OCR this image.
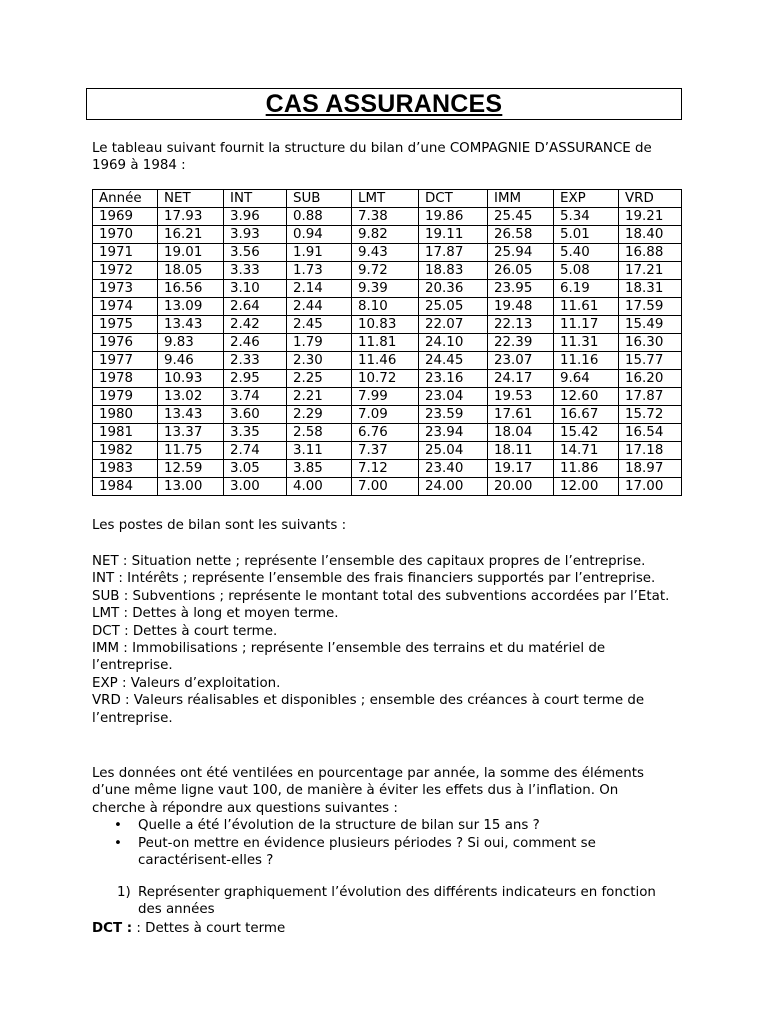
CAS ASSURANCES
Le tableau suivant fournit la structure du bilan d’une COMPAGNIE D’ASSURANCE de 1969 à 1984 :
Année	NET	INT	SUB	LMT	DCT	IMM	EXP	VRD
1969	17.93	3.96	0.88	7.38	19.86	25.45	5.34	19.21
1970	16.21	3.93	0.94	9.82	19.11	26.58	5.01	18.40
1971	19.01	3.56	1.91	9.43	17.87	25.94	5.40	16.88
1972	18.05	3.33	1.73	9.72	18.83	26.05	5.08	17.21
1973	16.56	3.10	2.14	9.39	20.36	23.95	6.19	18.31
1974	13.09	2.64	2.44	8.10	25.05	19.48	11.61	17.59
1975	13.43	2.42	2.45	10.83	22.07	22.13	11.17	15.49
1976	9.83	2.46	1.79	11.81	24.10	22.39	11.31	16.30
1977	9.46	2.33	2.30	11.46	24.45	23.07	11.16	15.77
1978	10.93	2.95	2.25	10.72	23.16	24.17	9.64	16.20
1979	13.02	3.74	2.21	7.99	23.04	19.53	12.60	17.87
1980	13.43	3.60	2.29	7.09	23.59	17.61	16.67	15.72
1981	13.37	3.35	2.58	6.76	23.94	18.04	15.42	16.54
1982	11.75	2.74	3.11	7.37	25.04	18.11	14.71	17.18
1983	12.59	3.05	3.85	7.12	23.40	19.17	11.86	18.97
1984	13.00	3.00	4.00	7.00	24.00	20.00	12.00	17.00
Les postes de bilan sont les suivants :

NET : Situation nette ; représente l’ensemble des capitaux propres de l’entreprise.

INT : Intérêts ; représente l’ensemble des frais financiers supportés par l’entreprise.

SUB : Subventions ; représente le montant total des subventions accordées par l’Etat.

LMT : Dettes à long et moyen terme.

DCT : Dettes à court terme.

IMM : Immobilisations ; représente l’ensemble des terrains et du matériel de l’entreprise.

EXP : Valeurs d’exploitation.

VRD : Valeurs réalisables et disponibles ; ensemble des créances à court terme de l’entreprise.

Les données ont été ventilées en pourcentage par année, la somme des éléments d’une même ligne vaut 100, de manière à éviter les effets dus à l’inflation. On cherche à répondre aux questions suivantes :

• Quelle a été l’évolution de la structure de bilan sur 15 ans ?
• Peut-on mettre en évidence plusieurs périodes ? Si oui, comment se caractérisent-elles ?
1) Représenter graphiquement l’évolution des différents indicateurs en fonction des années
DCT : : Dettes à court terme
